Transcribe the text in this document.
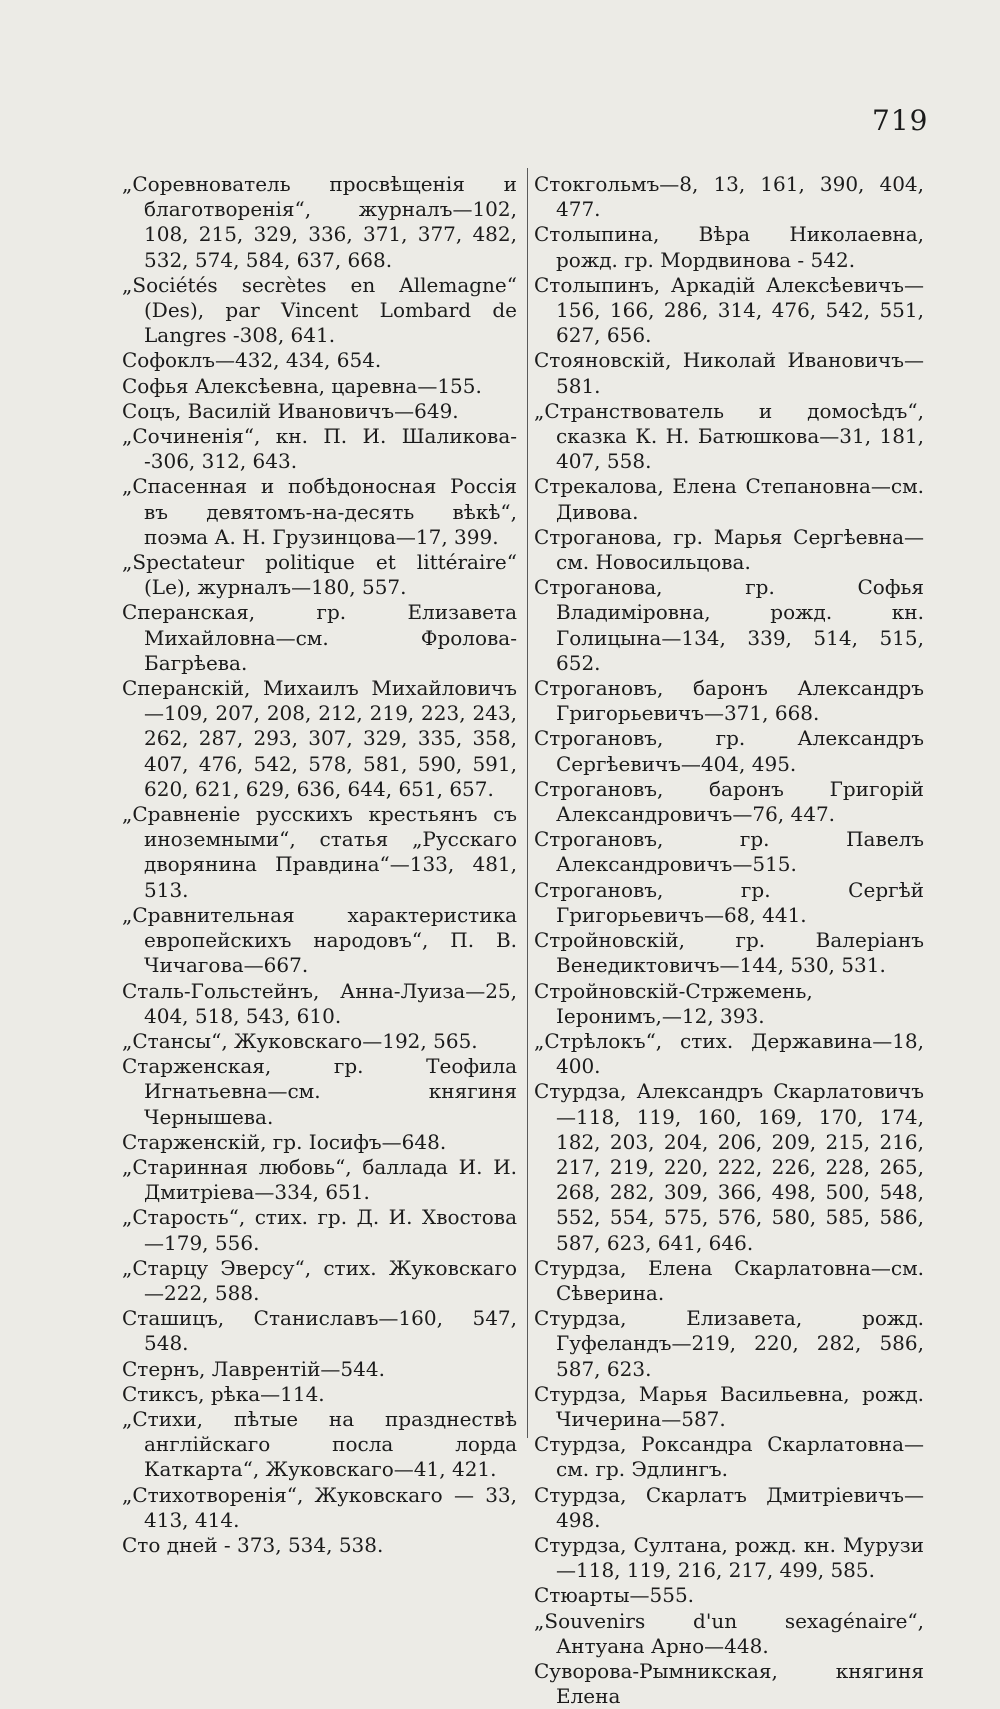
719
„Соревнователь просвѣщенія и благотворенія“, журналъ—102, 108, 215, 329, 336, 371, 377, 482, 532, 574, 584, 637, 668.
„Sociétés secrètes en Allemagne“ (Des), par Vincent Lombard de Langres -308, 641.
Софоклъ—432, 434, 654.
Софья Алексѣевна, царевна—155.
Соцъ, Василій Ивановичъ—649.
„Сочиненія“, кн. П. И. Шаликова--306, 312, 643.
„Спасенная и побѣдоносная Россія въ девятомъ-на-десять вѣкѣ“, поэма А. Н. Грузинцова—17, 399.
„Spectateur politique et littéraire“ (Le), журналъ—180, 557.
Сперанская, гр. Елизавета Михайловна—см. Фролова-Багрѣева.
Сперанскій, Михаилъ Михайловичъ—109, 207, 208, 212, 219, 223, 243, 262, 287, 293, 307, 329, 335, 358, 407, 476, 542, 578, 581, 590, 591, 620, 621, 629, 636, 644, 651, 657.
„Сравненіе русскихъ крестьянъ съ иноземными“, статья „Русскаго дворянина Правдина“—133, 481, 513.
„Сравнительная характеристика европейскихъ народовъ“, П. В. Чичагова—667.
Сталь-Гольстейнъ, Анна-Луиза—25, 404, 518, 543, 610.
„Стансы“, Жуковскаго—192, 565.
Старженская, гр. Теофила Игнатьевна—см. княгиня Чернышева.
Старженскій, гр. Іосифъ—648.
„Старинная любовь“, баллада И. И. Дмитріева—334, 651.
„Старость“, стих. гр. Д. И. Хвостова—179, 556.
„Старцу Эверсу“, стих. Жуковскаго—222, 588.
Сташицъ, Станиславъ—160, 547, 548.
Стернъ, Лаврентій—544.
Стиксъ, рѣка—114.
„Стихи, пѣтые на празднествѣ англійскаго посла лорда Каткарта“, Жуковскаго—41, 421.
„Стихотворенія“, Жуковскаго — 33, 413, 414.
Сто дней - 373, 534, 538.
Стокгольмъ—8, 13, 161, 390, 404, 477.
Столыпина, Вѣра Николаевна, рожд. гр. Мордвинова - 542.
Столыпинъ, Аркадій Алексѣевичъ—156, 166, 286, 314, 476, 542, 551, 627, 656.
Стояновскій, Николай Ивановичъ—581.
„Странствователь и домосѣдъ“, сказка К. Н. Батюшкова—31, 181, 407, 558.
Стрекалова, Елена Степановна—см. Дивова.
Строганова, гр. Марья Сергѣевна—см. Новосильцова.
Строганова, гр. Софья Владиміровна, рожд. кн. Голицына—134, 339, 514, 515, 652.
Строгановъ, баронъ Александръ Григорьевичъ—371, 668.
Строгановъ, гр. Александръ Сергѣевичъ—404, 495.
Строгановъ, баронъ Григорій Александровичъ—76, 447.
Строгановъ, гр. Павелъ Александровичъ—515.
Строгановъ, гр. Сергѣй Григорьевичъ—68, 441.
Стройновскій, гр. Валеріанъ Венедиктовичъ—144, 530, 531.
Стройновскій-Стржемень, Іеронимъ,—12, 393.
„Стрѣлокъ“, стих. Державина—18, 400.
Стурдза, Александръ Скарлатовичъ—118, 119, 160, 169, 170, 174, 182, 203, 204, 206, 209, 215, 216, 217, 219, 220, 222, 226, 228, 265, 268, 282, 309, 366, 498, 500, 548, 552, 554, 575, 576, 580, 585, 586, 587, 623, 641, 646.
Стурдза, Елена Скарлатовна—см. Сѣверина.
Стурдза, Елизавета, рожд. Гуфеландъ—219, 220, 282, 586, 587, 623.
Стурдза, Марья Васильевна, рожд. Чичерина—587.
Стурдза, Роксандра Скарлатовна—см. гр. Эдлингъ.
Стурдза, Скарлатъ Дмитріевичъ—498.
Стурдза, Султана, рожд. кн. Мурузи—118, 119, 216, 217, 499, 585.
Стюарты—555.
„Souvenirs d'un sexagénaire“, Антуана Арно—448.
Суворова-Рымникская, княгиня Елена
